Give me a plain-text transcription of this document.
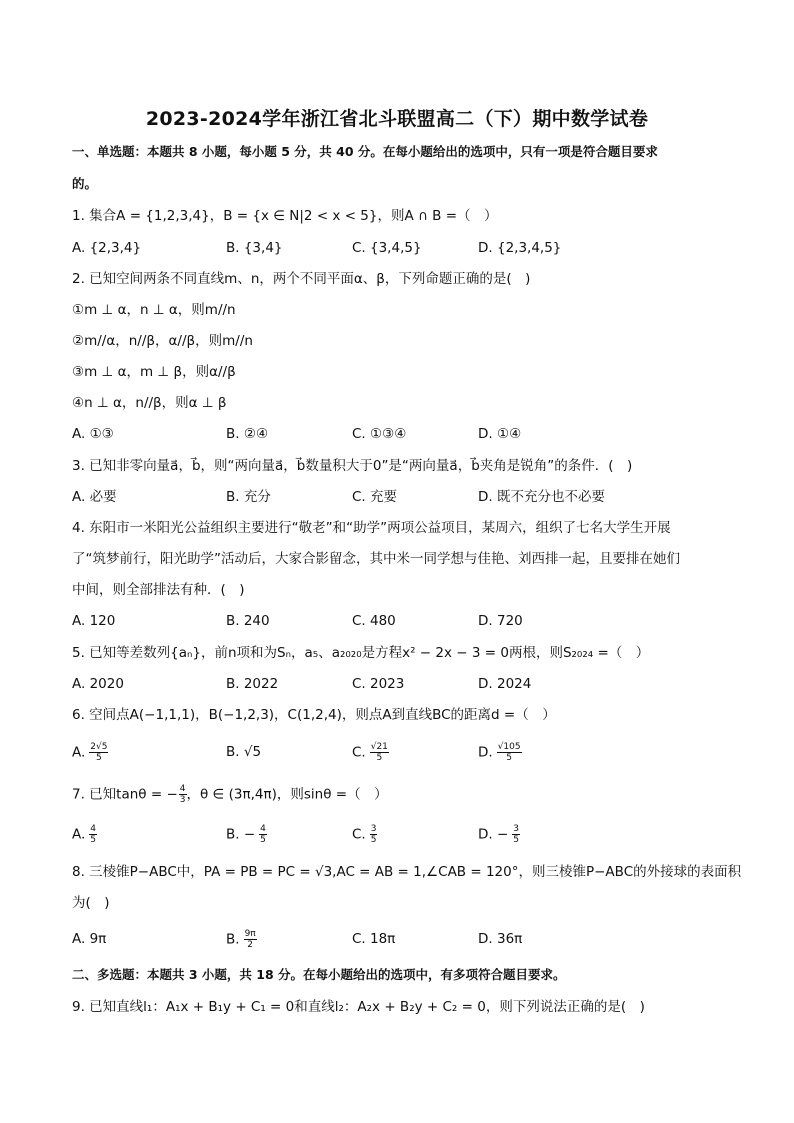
2023-2024学年浙江省北斗联盟高二（下）期中数学试卷
一、单选题：本题共 8 小题，每小题 5 分，共 40 分。在每小题给出的选项中，只有一项是符合题目要求
的。
1. 集合A = {1,2,3,4}，B = {x ∈ N|2 < x < 5}，则A ∩ B =（　）
A. {2,3,4}	B. {3,4}	C. {3,4,5}	D. {2,3,4,5}
2. 已知空间两条不同直线m、n，两个不同平面α、β，下列命题正确的是(　)
①m ⊥ α，n ⊥ α，则m//n
②m//α，n//β，α//β，则m//n
③m ⊥ α，m ⊥ β，则α//β
④n ⊥ α，n//β，则α ⊥ β
A. ①③	B. ②④	C. ①③④	D. ①④
3. 已知非零向量a⃗，b⃗，则“两向量a⃗，b⃗数量积大于0”是“两向量a⃗，b⃗夹角是锐角”的条件．(　)
A. 必要	B. 充分	C. 充要	D. 既不充分也不必要
4. 东阳市一米阳光公益组织主要进行“敬老”和“助学”两项公益项目，某周六，组织了七名大学生开展
了“筑梦前行，阳光助学”活动后，大家合影留念，其中米一同学想与佳艳、刘西排一起，且要排在她们
中间，则全部排法有种．(　)
A. 120	B. 240	C. 480	D. 720
5. 已知等差数列{aₙ}，前n项和为Sₙ，a₅、a₂₀₂₀是方程x² − 2x − 3 = 0两根，则S₂₀₂₄ =（　）
A. 2020	B. 2022	C. 2023	D. 2024
6. 空间点A(−1,1,1)，B(−1,2,3)，C(1,2,4)，则点A到直线BC的距离d =（　）
A. $\frac{2√5}{5}$	B. √5	C. $\frac{√21}{5}$	D. $\frac{√105}{5}$
7. 已知tanθ = − $\frac{4}{3}$ ，θ ∈ (3π,4π)，则sinθ =（　）
A. $\frac{4}{5}$	B. − $\frac{4}{5}$	C. $\frac{3}{5}$	D. − $\frac{3}{5}$
8. 三棱锥P−ABC中，PA = PB = PC = √3,AC = AB = 1,∠CAB = 120°，则三棱锥P−ABC的外接球的表面积
为(　)
A. 9π	B. $\frac{9\pi}{2}$	C. 18π	D. 36π
二、多选题：本题共 3 小题，共 18 分。在每小题给出的选项中，有多项符合题目要求。
9. 已知直线l₁：A₁x + B₁y + C₁ = 0和直线l₂：A₂x + B₂y + C₂ = 0，则下列说法正确的是(　)
